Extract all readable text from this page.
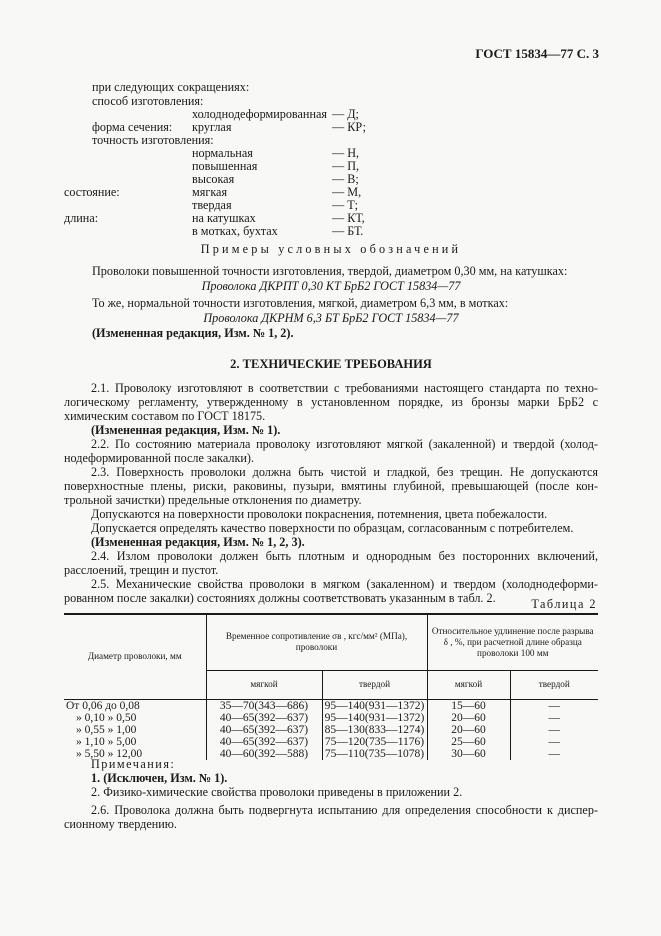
ГОСТ 15834—77 С. 3
при следующих сокращениях:
способ изготовления:
холоднодеформированная — Д;
форма сечения: круглая	— КР;
точность изготовления:
нормальная	— Н,
повышенная	— П,
высокая	— В;
состояние:	мягкая	— М,
твердая	— Т;
длина:	на катушках	— КТ,
в мотках, бухтах	— БТ.
Примеры условных обозначений
Проволоки повышенной точности изготовления, твердой, диаметром 0,30 мм, на катушках:
Проволока ДКРПТ 0,30 КТ БрБ2 ГОСТ 15834—77
То же, нормальной точности изготовления, мягкой, диаметром 6,3 мм, в мотках:
Проволока ДКРНМ 6,3 БТ БрБ2 ГОСТ 15834—77
(Измененная редакция, Изм. № 1, 2).
2. ТЕХНИЧЕСКИЕ ТРЕБОВАНИЯ

2.1. Проволоку изготовляют в соответствии с требованиями настоящего стандарта по техно-логическому регламенту, утвержденному в установленном порядке, из бронзы марки БрБ2 с химическим составом по ГОСТ 18175.

(Измененная редакция, Изм. № 1).

2.2. По состоянию материала проволоку изготовляют мягкой (закаленной) и твердой (холод-нодеформированной после закалки).

2.3. Поверхность проволоки должна быть чистой и гладкой, без трещин. Не допускаются поверхностные плены, риски, раковины, пузыри, вмятины глубиной, превышающей (после кон-трольной зачистки) предельные отклонения по диаметру.

Допускаются на поверхности проволоки покраснения, потемнения, цвета побежалости.

Допускается определять качество поверхности по образцам, согласованным с потребителем.

(Измененная редакция, Изм. № 1, 2, 3).

2.4. Излом проволоки должен быть плотным и однородным без посторонних включений, расслоений, трещин и пустот.

2.5. Механические свойства проволоки в мягком (закаленном) и твердом (холоднодеформи-рованном после закалки) состояниях должны соответствовать указанным в табл. 2.	Таблица 2
Диаметр проволоки, мм	Временное сопротивление σв , кгс/мм² (МПа), проволоки		Относительное удлинение после разрыва δ , %, при расчетной длине образца проволоки 100 мм	
	мягкой	твердой	мягкой	твердой
От 0,06 до 0,08	35—70(343—686)	95—140(931—1372)	15—60	—
» 0,10 » 0,50	40—65(392—637)	95—140(931—1372)	20—60	—
» 0,55 » 1,00	40—65(392—637)	85—130(833—1274)	20—60	—
» 1,10 » 5,00	40—65(392—637)	75—120(735—1176)	25—60	—
» 5,50 » 12,00	40—60(392—588)	75—110(735—1078)	30—60	—
Примечания:
1. (Исключен, Изм. № 1).
2. Физико-химические свойства проволоки приведены в приложении 2.

2.6. Проволока должна быть подвергнута испытанию для определения способности к диспер-сионному твердению.
